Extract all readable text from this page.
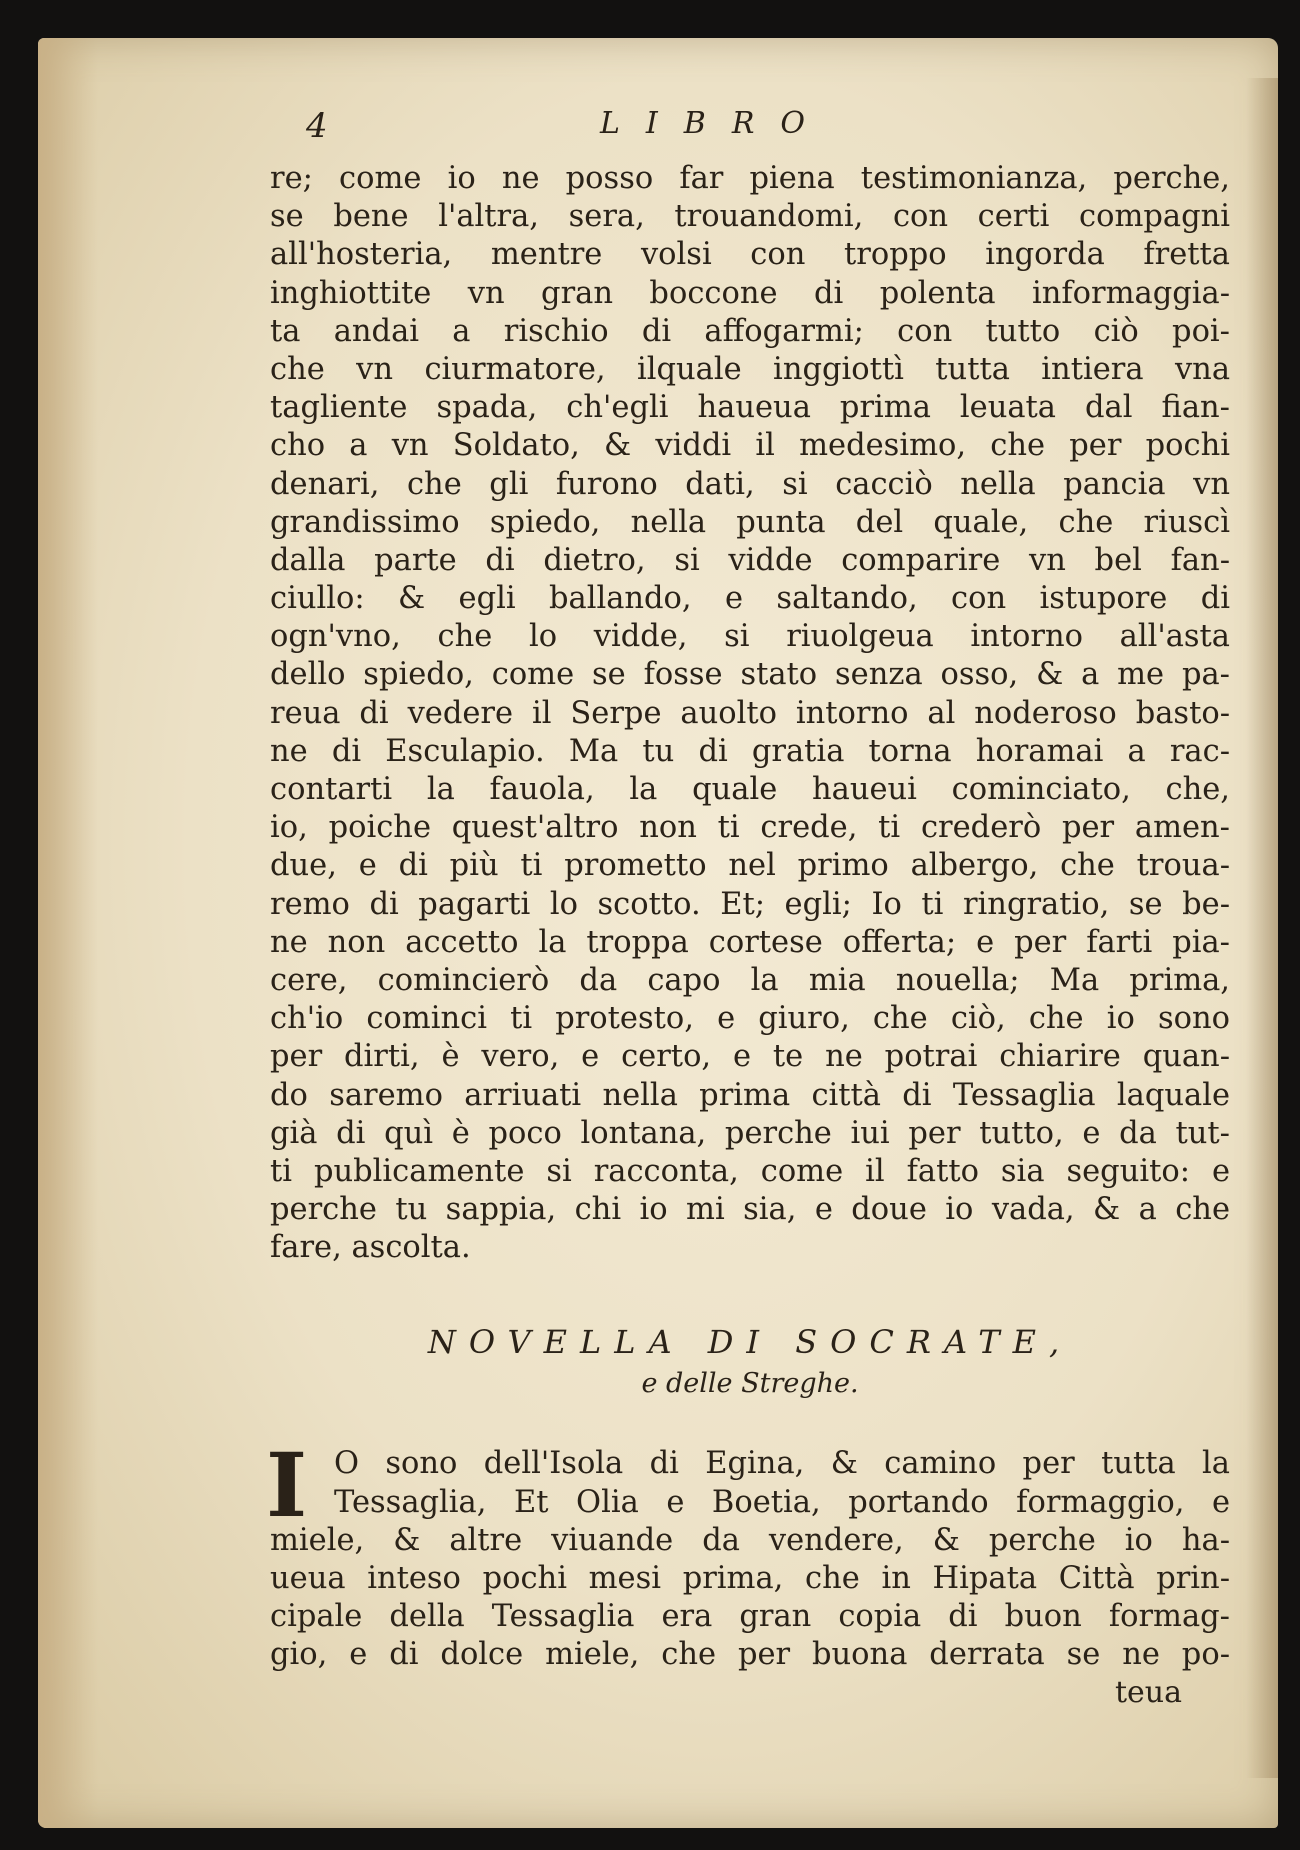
4	LIBRO
re; come io ne posso far piena testimonianza, perche,
se bene l'altra, sera, trouandomi, con certi compagni
all'hosteria, mentre volsi con troppo ingorda fretta
inghiottite vn gran boccone di polenta informaggia-
ta andai a rischio di affogarmi; con tutto ciò poi-
che vn ciurmatore, ilquale inggiottì tutta intiera vna
tagliente spada, ch'egli haueua prima leuata dal fian-
cho a vn Soldato, & viddi il medesimo, che per pochi
denari, che gli furono dati, si cacciò nella pancia vn
grandissimo spiedo, nella punta del quale, che riuscì
dalla parte di dietro, si vidde comparire vn bel fan-
ciullo: & egli ballando, e saltando, con istupore di
ogn'vno, che lo vidde, si riuolgeua intorno all'asta
dello spiedo, come se fosse stato senza osso, & a me pa-
reua di vedere il Serpe auolto intorno al noderoso basto-
ne di Esculapio. Ma tu di gratia torna horamai a rac-
contarti la fauola, la quale haueui cominciato, che,
io, poiche quest'altro non ti crede, ti crederò per amen-
due, e di più ti prometto nel primo albergo, che troua-
remo di pagarti lo scotto. Et; egli; Io ti ringratio, se be-
ne non accetto la troppa cortese offerta; e per farti pia-
cere, comincierò da capo la mia nouella; Ma prima,
ch'io cominci ti protesto, e giuro, che ciò, che io sono
per dirti, è vero, e certo, e te ne potrai chiarire quan-
do saremo arriuati nella prima città di Tessaglia laquale
già di quì è poco lontana, perche iui per tutto, e da tut-
ti publicamente si racconta, come il fatto sia seguito: e
perche tu sappia, chi io mi sia, e doue io vada, & a che
fare, ascolta.
NOVELLA DI SOCRATE,
e delle Streghe.
I O sono dell'Isola di Egina, & camino per tutta la
Tessaglia, Et Olia e Boetia, portando formaggio, e
miele, & altre viuande da vendere, & perche io ha-
ueua inteso pochi mesi prima, che in Hipata Città prin-
cipale della Tessaglia era gran copia di buon formag-
gio, e di dolce miele, che per buona derrata se ne po-
teua
